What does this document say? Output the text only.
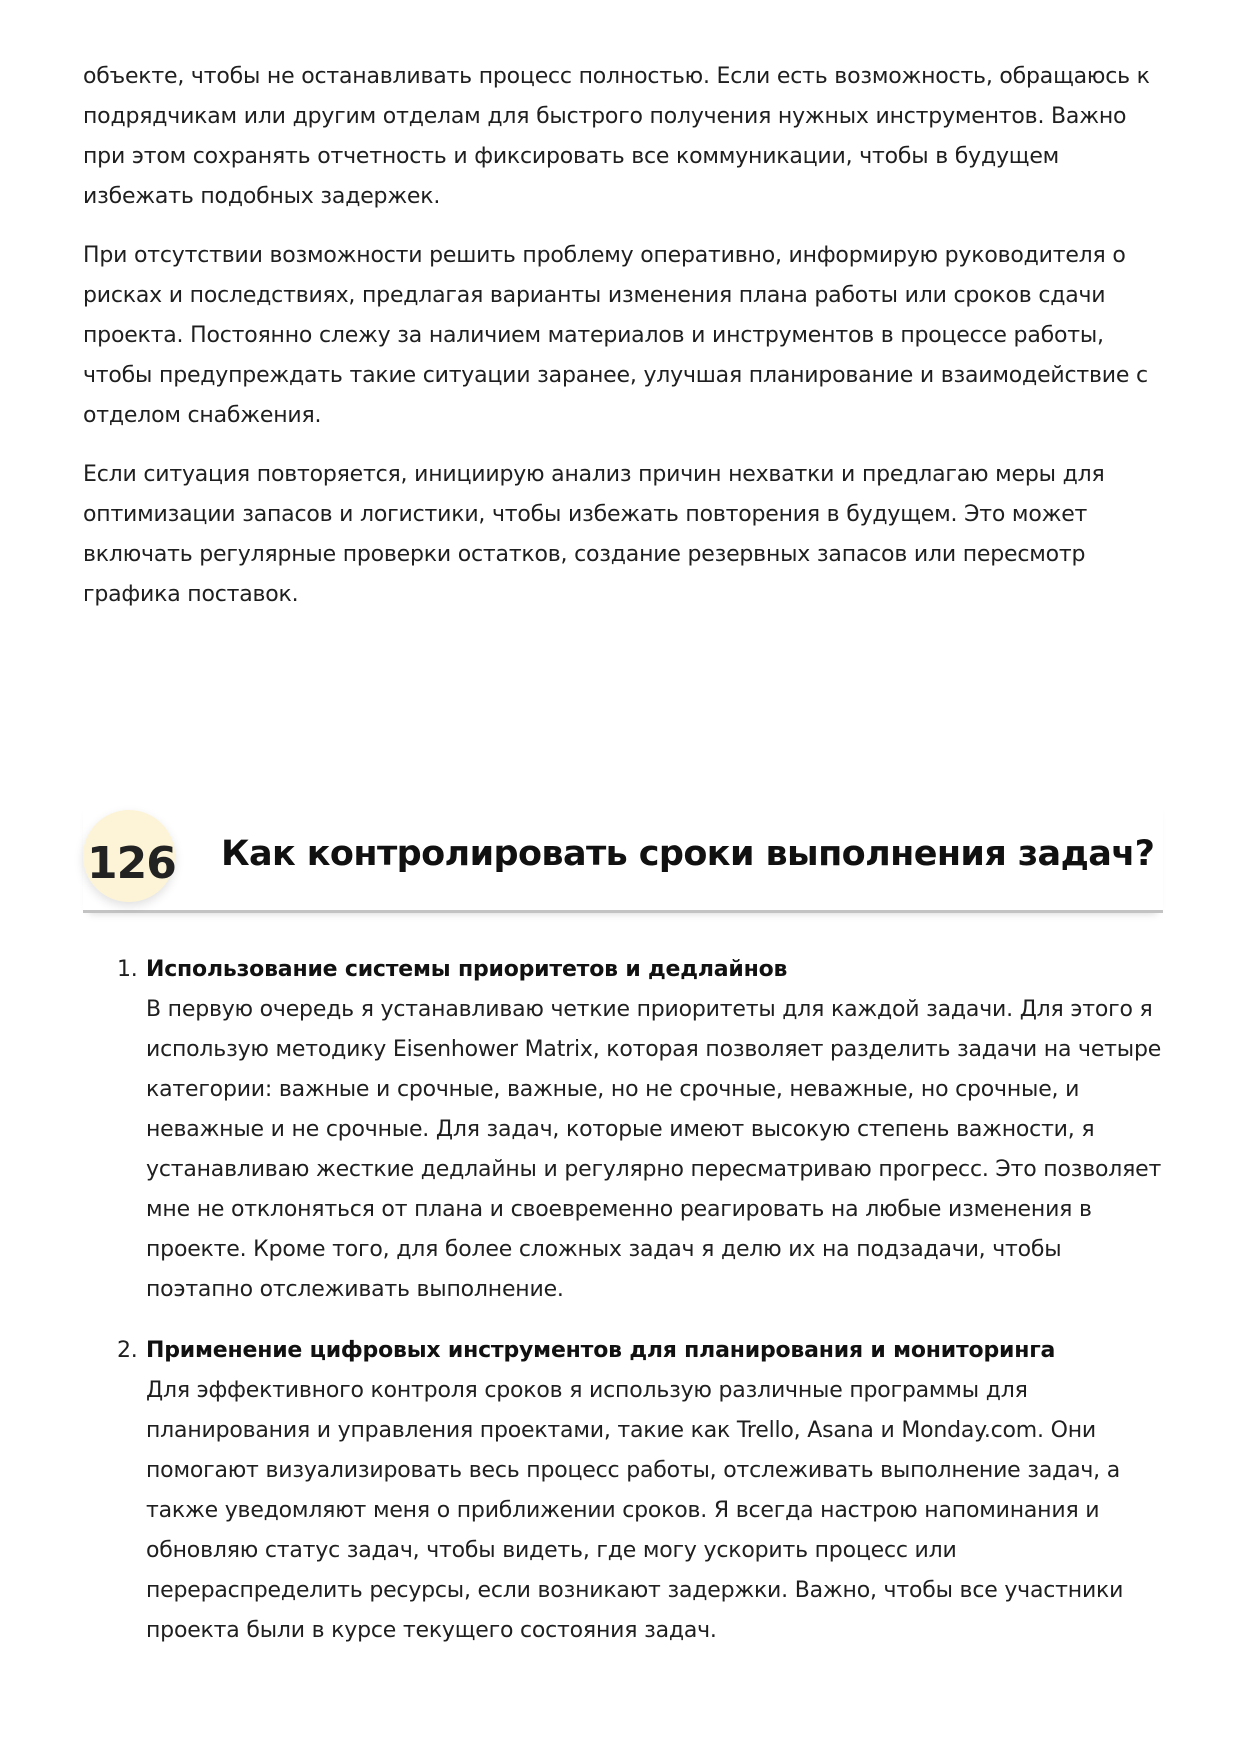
объекте, чтобы не останавливать процесс полностью. Если есть возможность, обращаюсь к подрядчикам или другим отделам для быстрого получения нужных инструментов. Важно при этом сохранять отчетность и фиксировать все коммуникации, чтобы в будущем избежать подобных задержек.

При отсутствии возможности решить проблему оперативно, информирую руководителя о рисках и последствиях, предлагая варианты изменения плана работы или сроков сдачи проекта. Постоянно слежу за наличием материалов и инструментов в процессе работы, чтобы предупреждать такие ситуации заранее, улучшая планирование и взаимодействие с отделом снабжения.

Если ситуация повторяется, инициирую анализ причин нехватки и предлагаю меры для оптимизации запасов и логистики, чтобы избежать повторения в будущем. Это может включать регулярные проверки остатков, создание резервных запасов или пересмотр графика поставок.

126 Как контролировать сроки выполнения задач?
1. Использование системы приоритетов и дедлайнов
В первую очередь я устанавливаю четкие приоритеты для каждой задачи. Для этого я использую методику Eisenhower Matrix, которая позволяет разделить задачи на четыре категории: важные и срочные, важные, но не срочные, неважные, но срочные, и неважные и не срочные. Для задач, которые имеют высокую степень важности, я устанавливаю жесткие дедлайны и регулярно пересматриваю прогресс. Это позволяет мне не отклоняться от плана и своевременно реагировать на любые изменения в проекте. Кроме того, для более сложных задач я делю их на подзадачи, чтобы поэтапно отслеживать выполнение.
2. Применение цифровых инструментов для планирования и мониторинга
Для эффективного контроля сроков я использую различные программы для планирования и управления проектами, такие как Trello, Asana и Monday.com. Они помогают визуализировать весь процесс работы, отслеживать выполнение задач, а также уведомляют меня о приближении сроков. Я всегда настрою напоминания и обновляю статус задач, чтобы видеть, где могу ускорить процесс или перераспределить ресурсы, если возникают задержки. Важно, чтобы все участники проекта были в курсе текущего состояния задач.
